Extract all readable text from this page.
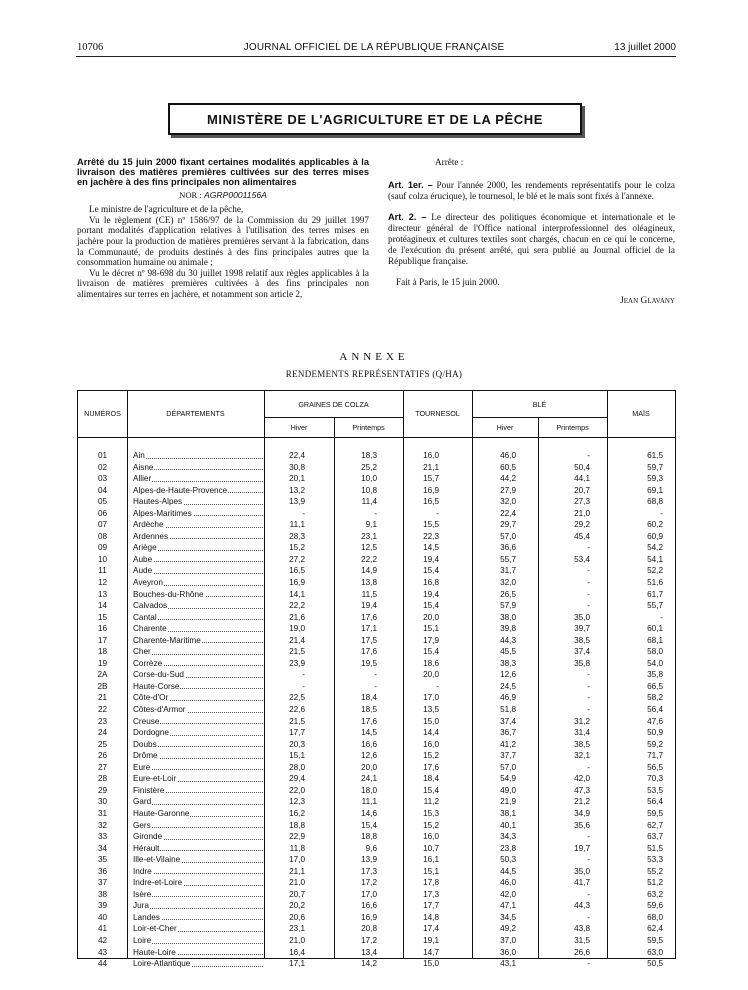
10706	JOURNAL OFFICIEL DE LA RÉPUBLIQUE FRANÇAISE	13 juillet 2000
MINISTÈRE DE L'AGRICULTURE ET DE LA PÊCHE
Arrêté du 15 juin 2000 fixant certaines modalités applicables à la livraison des matières premières cultivées sur des terres mises en jachère à des fins principales non alimentaires
NOR : AGRP0001156A

Le ministre de l'agriculture et de la pêche,

Vu le règlement (CE) nº 1586/97 de la Commission du 29 juillet 1997 portant modalités d'application relatives à l'utilisation des terres mises en jachère pour la production de matières premières servant à la fabrication, dans la Communauté, de produits destinés à des fins principales autres que la consommation humaine ou animale ;

Vu le décret nº 98-698 du 30 juillet 1998 relatif aux règles applicables à la livraison de matières premières cultivées à des fins principales non alimentaires sur terres en jachère, et notamment son article 2,

Arrête :

Art. 1er. – Pour l'année 2000, les rendements représentatifs pour le colza (sauf colza érucique), le tournesol, le blé et le maïs sont fixés à l'annexe.

Art. 2. – Le directeur des politiques économique et internationale et le directeur général de l'Office national interprofessionnel des oléagineux, protéagineux et cultures textiles sont chargés, chacun en ce qui le concerne, de l'exécution du présent arrêté, qui sera publié au Journal officiel de la République française.

Fait à Paris, le 15 juin 2000.
Jean Glavany
ANNEXE
RENDEMENTS REPRÉSENTATIFS (Q/HA)
NUMÉROS	DÉPARTEMENTS
GRAINES DE COLZA
Hiver	Printemps
TOURNESOL
BLÉ
Hiver	Printemps
MAÏS
01	Ain	22,4	18,3	16,0	46,0	-	61,5
02	Aisne	30,8	25,2	21,1	60,5	50,4	59,7
03	Allier	20,1	10,0	15,7	44,2	44,1	59,3
04	Alpes-de-Haute-Provence	13,2	10,8	16,9	27,9	20,7	69,1
05	Hautes-Alpes	13,9	11,4	16,5	32,0	27,3	68,8
06	Alpes-Maritimes	-	-	-	22,4	21,0	-
07	Ardèche	11,1	9,1	15,5	29,7	29,2	60,2
08	Ardennes	28,3	23,1	22,3	57,0	45,4	60,9
09	Ariège	15,2	12,5	14,5	36,6	-	54,2
10	Aube	27,2	22,2	19,4	55,7	53,4	54,1
11	Aude	16,5	14,9	15,4	31,7	-	52,2
12	Aveyron	16,9	13,8	16,8	32,0	-	51,6
13	Bouches-du-Rhône	14,1	11,5	19,4	26,5	-	61,7
14	Calvados	22,2	19,4	15,4	57,9	-	55,7
15	Cantal	21,6	17,6	20,0	38,0	35,0	-
16	Charente	19,0	17,1	15,1	39,8	39,7	60,1
17	Charente-Maritime	21,4	17,5	17,9	44,3	38,5	68,1
18	Cher	21,5	17,6	15,4	45,5	37,4	58,0
19	Corrèze	23,9	19,5	18,6	38,3	35,8	54,0
2A	Corse-du-Sud	-	-	20,0	12,6	-	35,8
2B	Haute-Corse	-	-	-	24,5	-	66,5
21	Côte-d'Or	22,5	18,4	17,0	46,9	-	58,2
22	Côtes-d'Armor	22,6	18,5	13,5	51,8	-	56,4
23	Creuse	21,5	17,6	15,0	37,4	31,2	47,6
24	Dordogne	17,7	14,5	14,4	36,7	31,4	50,9
25	Doubs	20,3	16,6	16,0	41,2	38,5	59,2
26	Drôme	15,1	12,6	15,2	37,7	32,1	71,7
27	Eure	28,0	20,0	17,6	57,0	-	56,5
28	Eure-et-Loir	29,4	24,1	18,4	54,9	42,0	70,3
29	Finistère	22,0	18,0	15,4	49,0	47,3	53,5
30	Gard	12,3	11,1	11,2	21,9	21,2	56,4
31	Haute-Garonne	16,2	14,6	15,3	38,1	34,9	59,5
32	Gers	18,8	15,4	15,2	40,1	35,6	62,7
33	Gironde	22,9	18,8	16,0	34,3	-	63,7
34	Hérault	11,8	9,6	10,7	23,8	19,7	51,5
35	Ille-et-Vilaine	17,0	13,9	16,1	50,3	-	53,3
36	Indre	21,1	17,3	15,1	44,5	35,0	55,2
37	Indre-et-Loire	21,0	17,2	17,8	46,0	41,7	51,2
38	Isère	20,7	17,0	17,3	42,0	-	63,2
39	Jura	20,2	16,6	17,7	47,1	44,3	59,6
40	Landes	20,6	16,9	14,8	34,5	-	68,0
41	Loir-et-Cher	23,1	20,8	17,4	49,2	43,8	62,4
42	Loire	21,0	17,2	19,1	37,0	31,5	59,5
43	Haute-Loire	16,4	13,4	14,7	36,0	26,6	63,0
44	Loire-Atlantique	17,1	14,2	15,0	43,1	-	50,5
